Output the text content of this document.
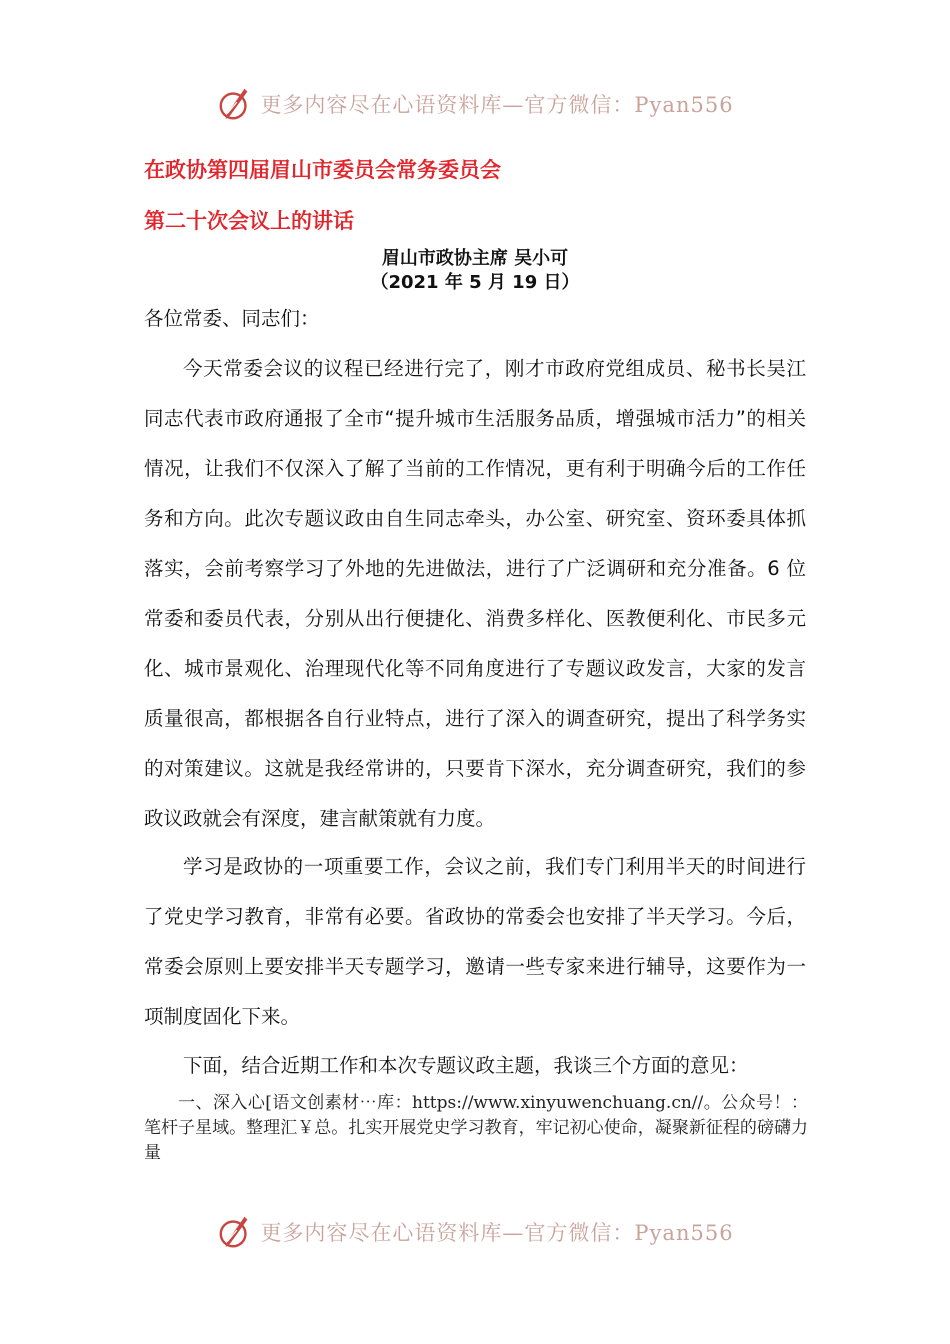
更多内容尽在心语资料库—官方微信：Pyan556
在政协第四届眉山市委员会常务委员会
第二十次会议上的讲话
眉山市政协主席 吴小可
（2021 年 5 月 19 日）
各位常委、同志们：
今天常委会议的议程已经进行完了，刚才市政府党组成员、秘书长吴江同志代表市政府通报了全市“提升城市生活服务品质，增强城市活力”的相关情况，让我们不仅深入了解了当前的工作情况，更有利于明确今后的工作任务和方向。此次专题议政由自生同志牵头，办公室、研究室、资环委具体抓落实，会前考察学习了外地的先进做法，进行了广泛调研和充分准备。6 位常委和委员代表，分别从出行便捷化、消费多样化、医教便利化、市民多元化、城市景观化、治理现代化等不同角度进行了专题议政发言，大家的发言质量很高，都根据各自行业特点，进行了深入的调查研究，提出了科学务实的对策建议。这就是我经常讲的，只要肯下深水，充分调查研究，我们的参政议政就会有深度，建言献策就有力度。
学习是政协的一项重要工作，会议之前，我们专门利用半天的时间进行了党史学习教育，非常有必要。省政协的常委会也安排了半天学习。今后，常委会原则上要安排半天专题学习，邀请一些专家来进行辅导，这要作为一项制度固化下来。
下面，结合近期工作和本次专题议政主题，我谈三个方面的意见：
一、深入心[语文创素材⋯库：https://www.xinyuwenchuang.cn//。公众号！：笔杆子星域。整理汇￥总。扎实开展党史学习教育，牢记初心使命，凝聚新征程的磅礴力量
更多内容尽在心语资料库—官方微信：Pyan556
